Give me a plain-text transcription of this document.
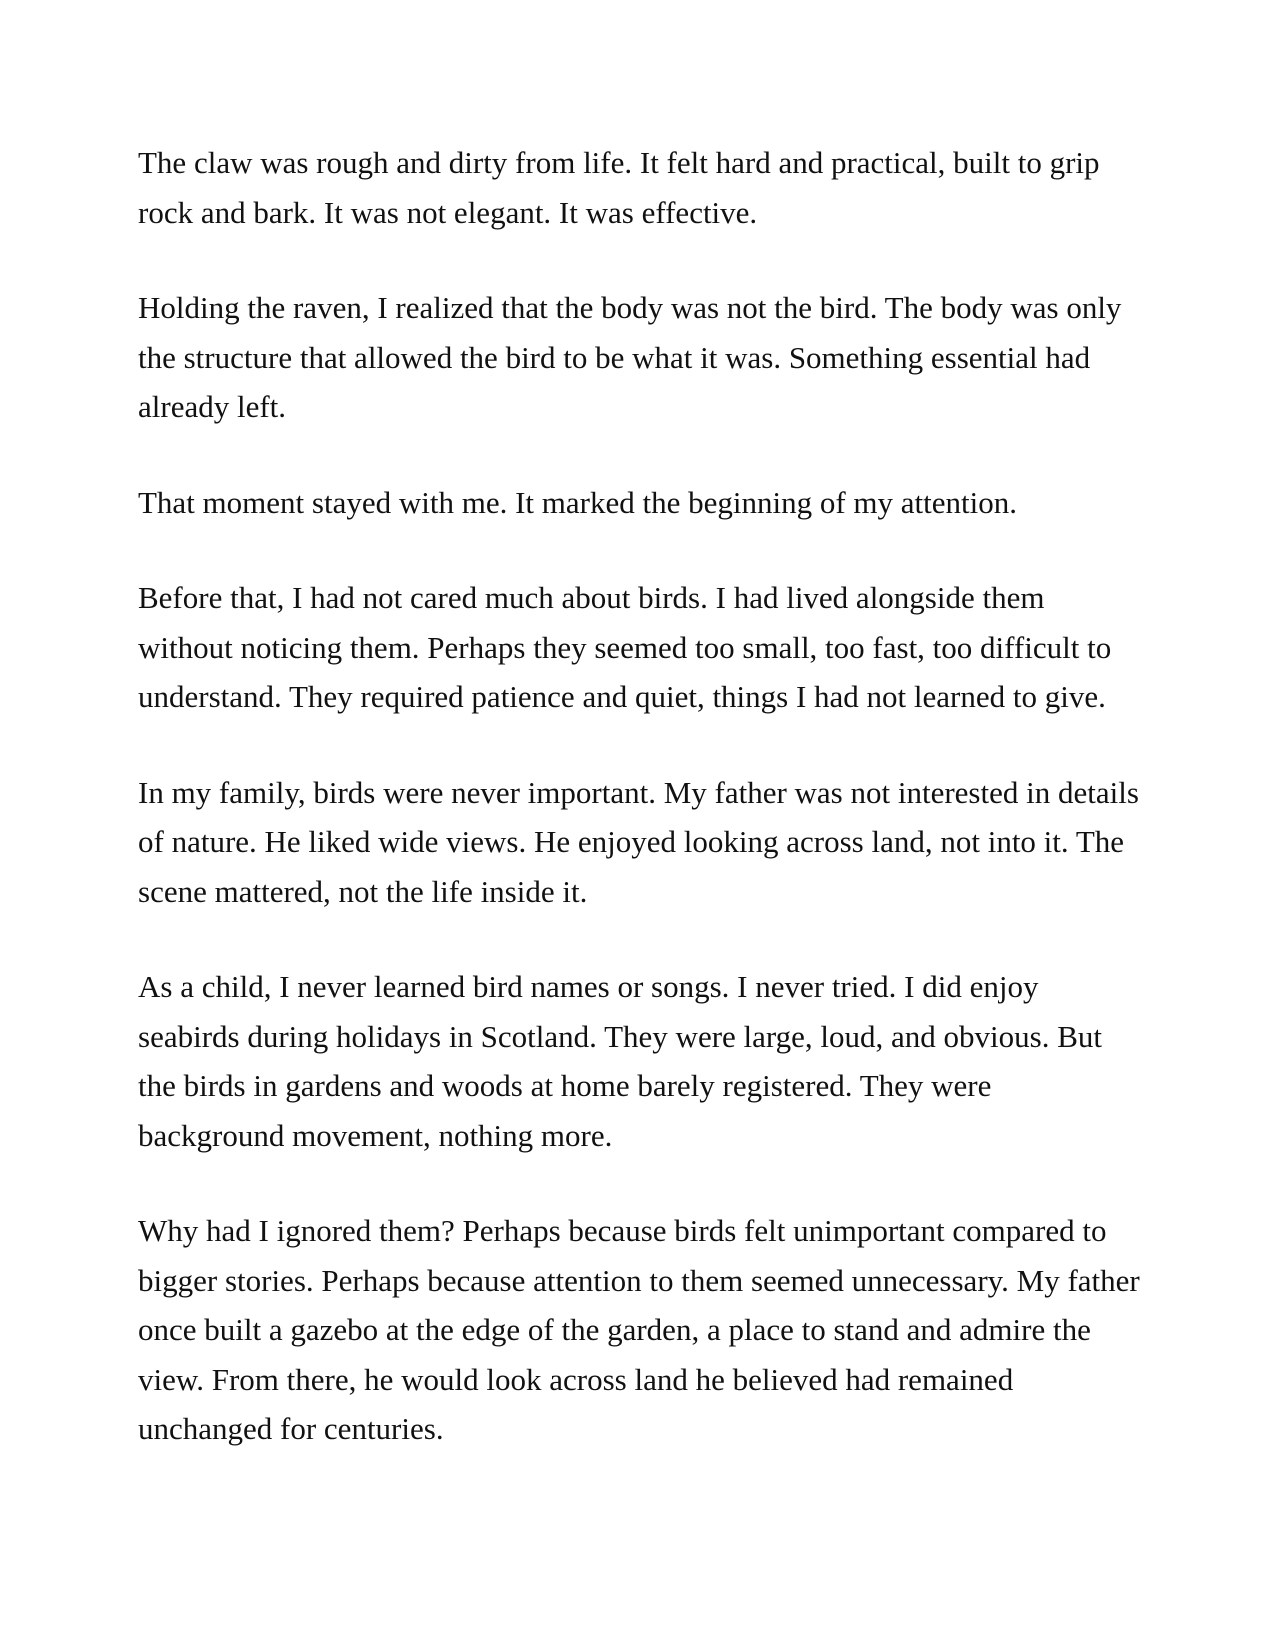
The claw was rough and dirty from life. It felt hard and practical, built to grip rock and bark. It was not elegant. It was effective.

Holding the raven, I realized that the body was not the bird. The body was only the structure that allowed the bird to be what it was. Something essential had already left.

That moment stayed with me. It marked the beginning of my attention.

Before that, I had not cared much about birds. I had lived alongside them without noticing them. Perhaps they seemed too small, too fast, too difficult to understand. They required patience and quiet, things I had not learned to give.

In my family, birds were never important. My father was not interested in details of nature. He liked wide views. He enjoyed looking across land, not into it. The scene mattered, not the life inside it.

As a child, I never learned bird names or songs. I never tried. I did enjoy seabirds during holidays in Scotland. They were large, loud, and obvious. But the birds in gardens and woods at home barely registered. They were background movement, nothing more.

Why had I ignored them? Perhaps because birds felt unimportant compared to bigger stories. Perhaps because attention to them seemed unnecessary. My father once built a gazebo at the edge of the garden, a place to stand and admire the view. From there, he would look across land he believed had remained unchanged for centuries.
